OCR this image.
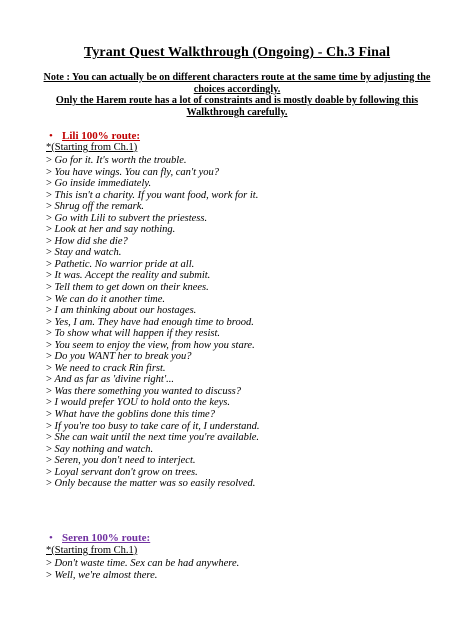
Tyrant Quest Walkthrough (Ongoing) - Ch.3 Final
Note : You can actually be on different characters route at the same time by adjusting the choices accordingly.
Only the Harem route has a lot of constraints and is mostly doable by following this Walkthrough carefully.
• Lili 100% route:
*(Starting from Ch.1)
> Go for it. It's worth the trouble.
> You have wings. You can fly, can't you?
> Go inside immediately.
> This isn't a charity. If you want food, work for it.
> Shrug off the remark.
> Go with Lili to subvert the priestess.
> Look at her and say nothing.
> How did she die?
> Stay and watch.
> Pathetic. No warrior pride at all.
> It was. Accept the reality and submit.
> Tell them to get down on their knees.
> We can do it another time.
> I am thinking about our hostages.
> Yes, I am. They have had enough time to brood.
> To show what will happen if they resist.
> You seem to enjoy the view, from how you stare.
> Do you WANT her to break you?
> We need to crack Rin first.
> And as far as 'divine right'...
> Was there something you wanted to discuss?
> I would prefer YOU to hold onto the keys.
> What have the goblins done this time?
> If you're too busy to take care of it, I understand.
> She can wait until the next time you're available.
> Say nothing and watch.
> Seren, you don't need to interject.
> Loyal servant don't grow on trees.
> Only because the matter was so easily resolved.
• Seren 100% route:
*(Starting from Ch.1)
> Don't waste time. Sex can be had anywhere.
> Well, we're almost there.
